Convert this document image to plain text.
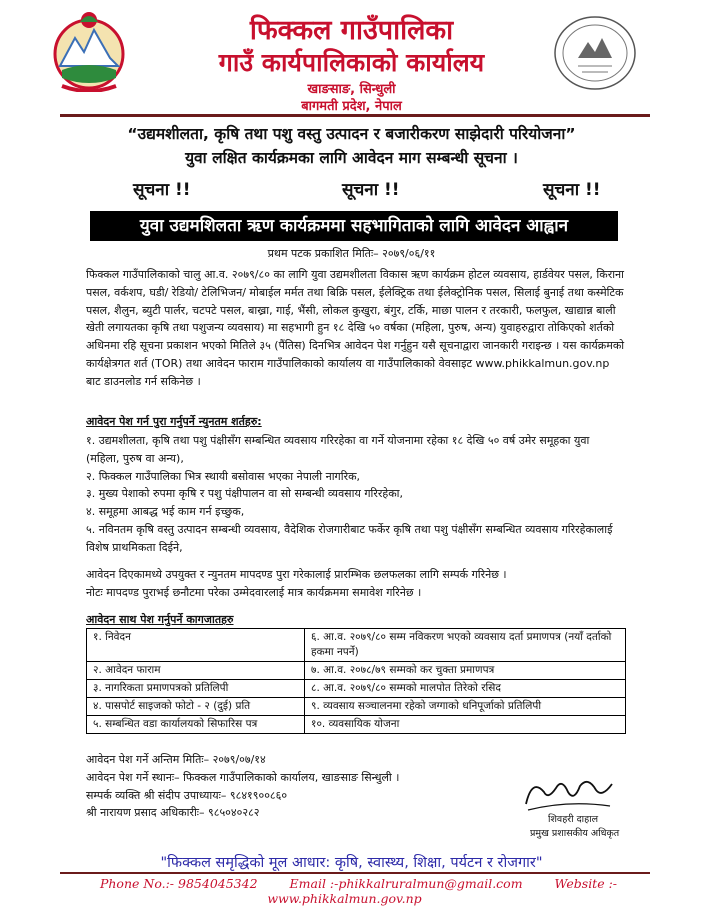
फिक्कल गाउँपालिका
गाउँ कार्यपालिकाको कार्यालय
खाङसाङ, सिन्धुली
बागमती प्रदेश, नेपाल
“उद्यमशीलता, कृषि तथा पशु वस्तु उत्पादन र बजारीकरण साझेदारी परियोजना”
युवा लक्षित कार्यक्रमका लागि आवेदन माग सम्बन्धी सूचना ।
सूचना !!	सूचना !!	सूचना !!
युवा उद्यमशिलता ऋण कार्यक्रममा सहभागिताको लागि आवेदन आह्वान
प्रथम पटक प्रकाशित मितिः– २०७९/०६/११
फिक्कल गाउँपालिकाको चालु आ.व. २०७९/८० का लागि युवा उद्यमशीलता विकास ऋण कार्यक्रम होटल व्यवसाय, हार्डवेयर पसल, किराना पसल, वर्कशप, घडी/ रेडियो/ टेलिभिजन/ मोबाईल मर्मत तथा बिक्रि पसल, ईलेक्ट्रिक तथा ईलेक्ट्रोनिक पसल, सिलाई बुनाई तथा कस्मेटिक पसल, शैलुन, ब्युटी पार्लर, चटपटे पसल, बाख्रा, गाई, भैंसी, लोकल कुखुरा, बंगुर, टर्कि, माछा पालन र तरकारी, फलफुल, खाद्यान्न बाली खेती लगायतका कृषि तथा पशुजन्य व्यवसाय) मा सहभागी हुन १८ देखि ५० वर्षका (महिला, पुरुष, अन्य) युवाहरुद्वारा तोकिएको शर्तको अधिनमा रहि सूचना प्रकाशन भएको मितिले ३५ (पैंतिस) दिनभित्र आवेदन पेश गर्नुहुन यसै सूचनाद्वारा जानकारी गराइन्छ । यस कार्यक्रमको कार्यक्षेत्रगत शर्त (TOR) तथा आवेदन फाराम गाउँपालिकाको कार्यालय वा गाउँपालिकाको वेवसाइट www.phikkalmun.gov.np बाट डाउनलोड गर्न सकिनेछ ।
आवेदन पेश गर्न पुरा गर्नुपर्ने न्युनतम शर्तहरु:
१. उद्यमशीलता, कृषि तथा पशु पंक्षीसँग सम्बन्धित व्यवसाय गरिरहेका वा गर्ने योजनामा रहेका १८ देखि ५० वर्ष उमेर समूहका युवा (महिला, पुरुष वा अन्य),
२. फिक्कल गाउँपालिका भित्र स्थायी बसोवास भएका नेपाली नागरिक,
३. मुख्य पेशाको रुपमा कृषि र पशु पंक्षीपालन वा सो सम्बन्धी व्यवसाय गरिरहेका,
४. समूहमा आबद्ध भई काम गर्न इच्छुक,
५. नविनतम कृषि वस्तु उत्पादन सम्बन्धी व्यवसाय, वैदेशिक रोजगारीबाट फर्केर कृषि तथा पशु पंक्षीसँग सम्बन्धित व्यवसाय गरिरहेकालाई विशेष प्राथमिकता दिईने,
आवेदन दिएकामध्ये उपयुक्त र न्युनतम मापदण्ड पुरा गरेकालाई प्रारम्भिक छलफलका लागि सम्पर्क गरिनेछ ।
नोटः मापदण्ड पुराभई छनौटमा परेका उम्मेदवारलाई मात्र कार्यक्रममा समावेश गरिनेछ ।
आवेदन साथ पेश गर्नुपर्ने कागजातहरु
१. निवेदन	६. आ.व. २०७९/८० सम्म नविकरण भएको व्यवसाय दर्ता प्रमाणपत्र (नयाँ दर्ताको हकमा नपर्ने)
२. आवेदन फाराम	७. आ.व. २०७८/७९ सम्मको कर चुक्ता प्रमाणपत्र
३. नागरिकता प्रमाणपत्रको प्रतिलिपी	८. आ.व. २०७९/८० सम्मको मालपोत तिरेको रसिद
४. पासपोर्ट साइजको फोटो - २ (दुई) प्रति	९. व्यवसाय सञ्चालनमा रहेको जग्गाको धनिपूर्जाको प्रतिलिपी
५. सम्बन्धित वडा कार्यालयको सिफारिस पत्र	१०. व्यवसायिक योजना
आवेदन पेश गर्ने अन्तिम मितिः– २०७९/०७/१४
आवेदन पेश गर्ने स्थानः– फिक्कल गाउँपालिकाको कार्यालय, खाङसाङ सिन्धुली ।
सम्पर्क व्यक्ति श्री संदीप उपाध्यायः– ९८४१९००८६०
श्री नारायण प्रसाद अधिकारीः– ९८५०४०२८२
शिवहरी दाहाल
प्रमुख प्रशासकीय अधिकृत
"फिक्कल समृद्धिको मूल आधार: कृषि, स्वास्थ्य, शिक्षा, पर्यटन र रोजगार"
Phone No.:- 9854045342	Email :-phikkalruralmun@gmail.com	Website :- www.phikkalmun.gov.np
